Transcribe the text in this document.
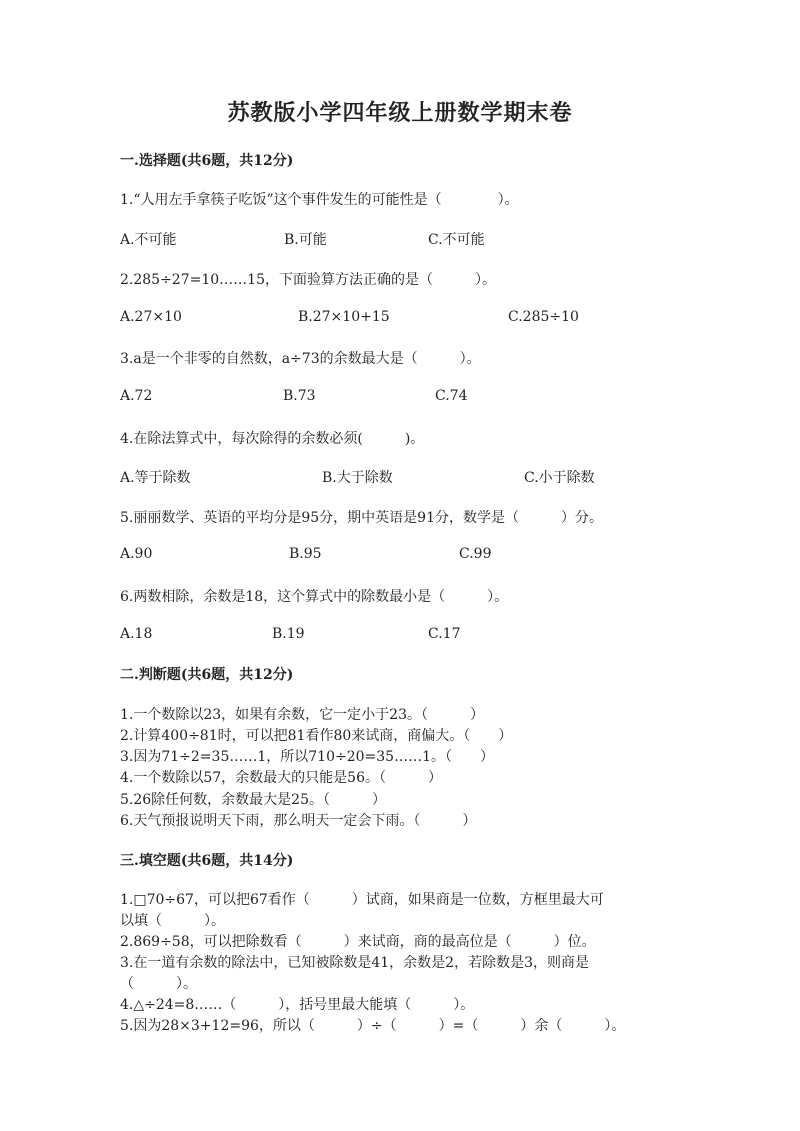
苏教版小学四年级上册数学期末卷
一.选择题(共6题，共12分)
1.“人用左手拿筷子吃饭”这个事件发生的可能性是（　　　　）。
A.不可能	B.可能	C.不可能
2.285÷27=10……15，下面验算方法正确的是（　　　）。
A.27×10	B.27×10+15	C.285÷10
3.a是一个非零的自然数，a÷73的余数最大是（　　　）。
A.72	B.73	C.74
4.在除法算式中，每次除得的余数必须(　　　)。
A.等于除数	B.大于除数	C.小于除数
5.丽丽数学、英语的平均分是95分，期中英语是91分，数学是（　　　）分。
A.90	B.95	C.99
6.两数相除，余数是18，这个算式中的除数最小是（　　　）。
A.18	B.19	C.17
二.判断题(共6题，共12分)
1.一个数除以23，如果有余数，它一定小于23。（　　　）
2.计算400÷81时，可以把81看作80来试商，商偏大。（　　）
3.因为71÷2=35……1，所以710÷20=35……1。（　　）
4.一个数除以57，余数最大的只能是56。（　　　）
5.26除任何数，余数最大是25。（　　　）
6.天气预报说明天下雨，那么明天一定会下雨。（　　　）
三.填空题(共6题，共14分)
1.□70÷67，可以把67看作（　　　）试商，如果商是一位数，方框里最大可
以填（　　　）。
2.869÷58，可以把除数看（　　　）来试商，商的最高位是（　　　）位。
3.在一道有余数的除法中，已知被除数是41，余数是2，若除数是3，则商是
（　　　）。
4.△÷24=8……（　　　），括号里最大能填（　　　）。
5.因为28×3+12=96，所以（　　　）÷（　　　）=（　　　）余（　　　）。
